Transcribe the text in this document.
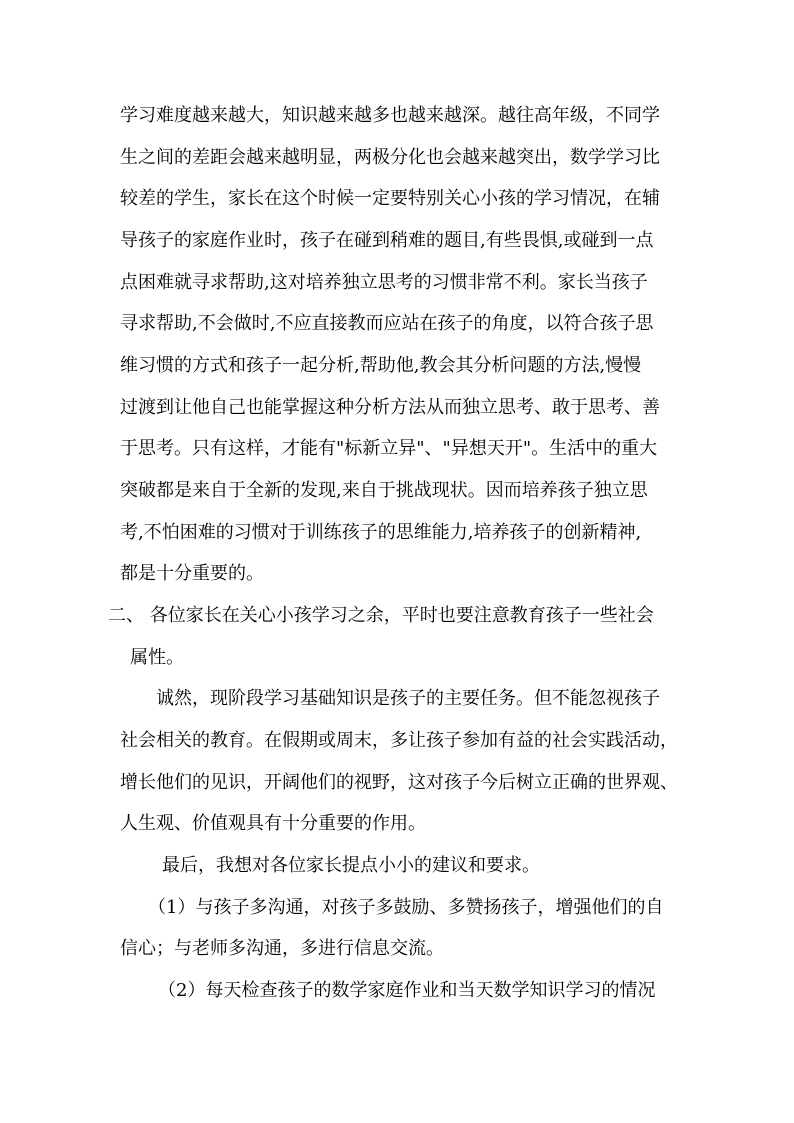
学习难度越来越大，知识越来越多也越来越深。越往高年级，不同学
生之间的差距会越来越明显，两极分化也会越来越突出，数学学习比
较差的学生，家长在这个时候一定要特别关心小孩的学习情况，在辅
导孩子的家庭作业时，孩子在碰到稍难的题目,有些畏惧,或碰到一点
点困难就寻求帮助,这对培养独立思考的习惯非常不利。家长当孩子
寻求帮助,不会做时,不应直接教而应站在孩子的角度，以符合孩子思
维习惯的方式和孩子一起分析,帮助他,教会其分析问题的方法,慢慢
过渡到让他自己也能掌握这种分析方法从而独立思考、敢于思考、善
于思考。只有这样，才能有"标新立异"、"异想天开"。生活中的重大
突破都是来自于全新的发现,来自于挑战现状。因而培养孩子独立思
考,不怕困难的习惯对于训练孩子的思维能力,培养孩子的创新精神,
都是十分重要的。
二、 各位家长在关心小孩学习之余，平时也要注意教育孩子一些社会
属性。
诚然，现阶段学习基础知识是孩子的主要任务。但不能忽视孩子
社会相关的教育。在假期或周末，多让孩子参加有益的社会实践活动，
增长他们的见识，开阔他们的视野，这对孩子今后树立正确的世界观、
人生观、价值观具有十分重要的作用。
最后，我想对各位家长提点小小的建议和要求。
（1）与孩子多沟通，对孩子多鼓励、多赞扬孩子，增强他们的自
信心；与老师多沟通，多进行信息交流。
（2）每天检查孩子的数学家庭作业和当天数学知识学习的情况
